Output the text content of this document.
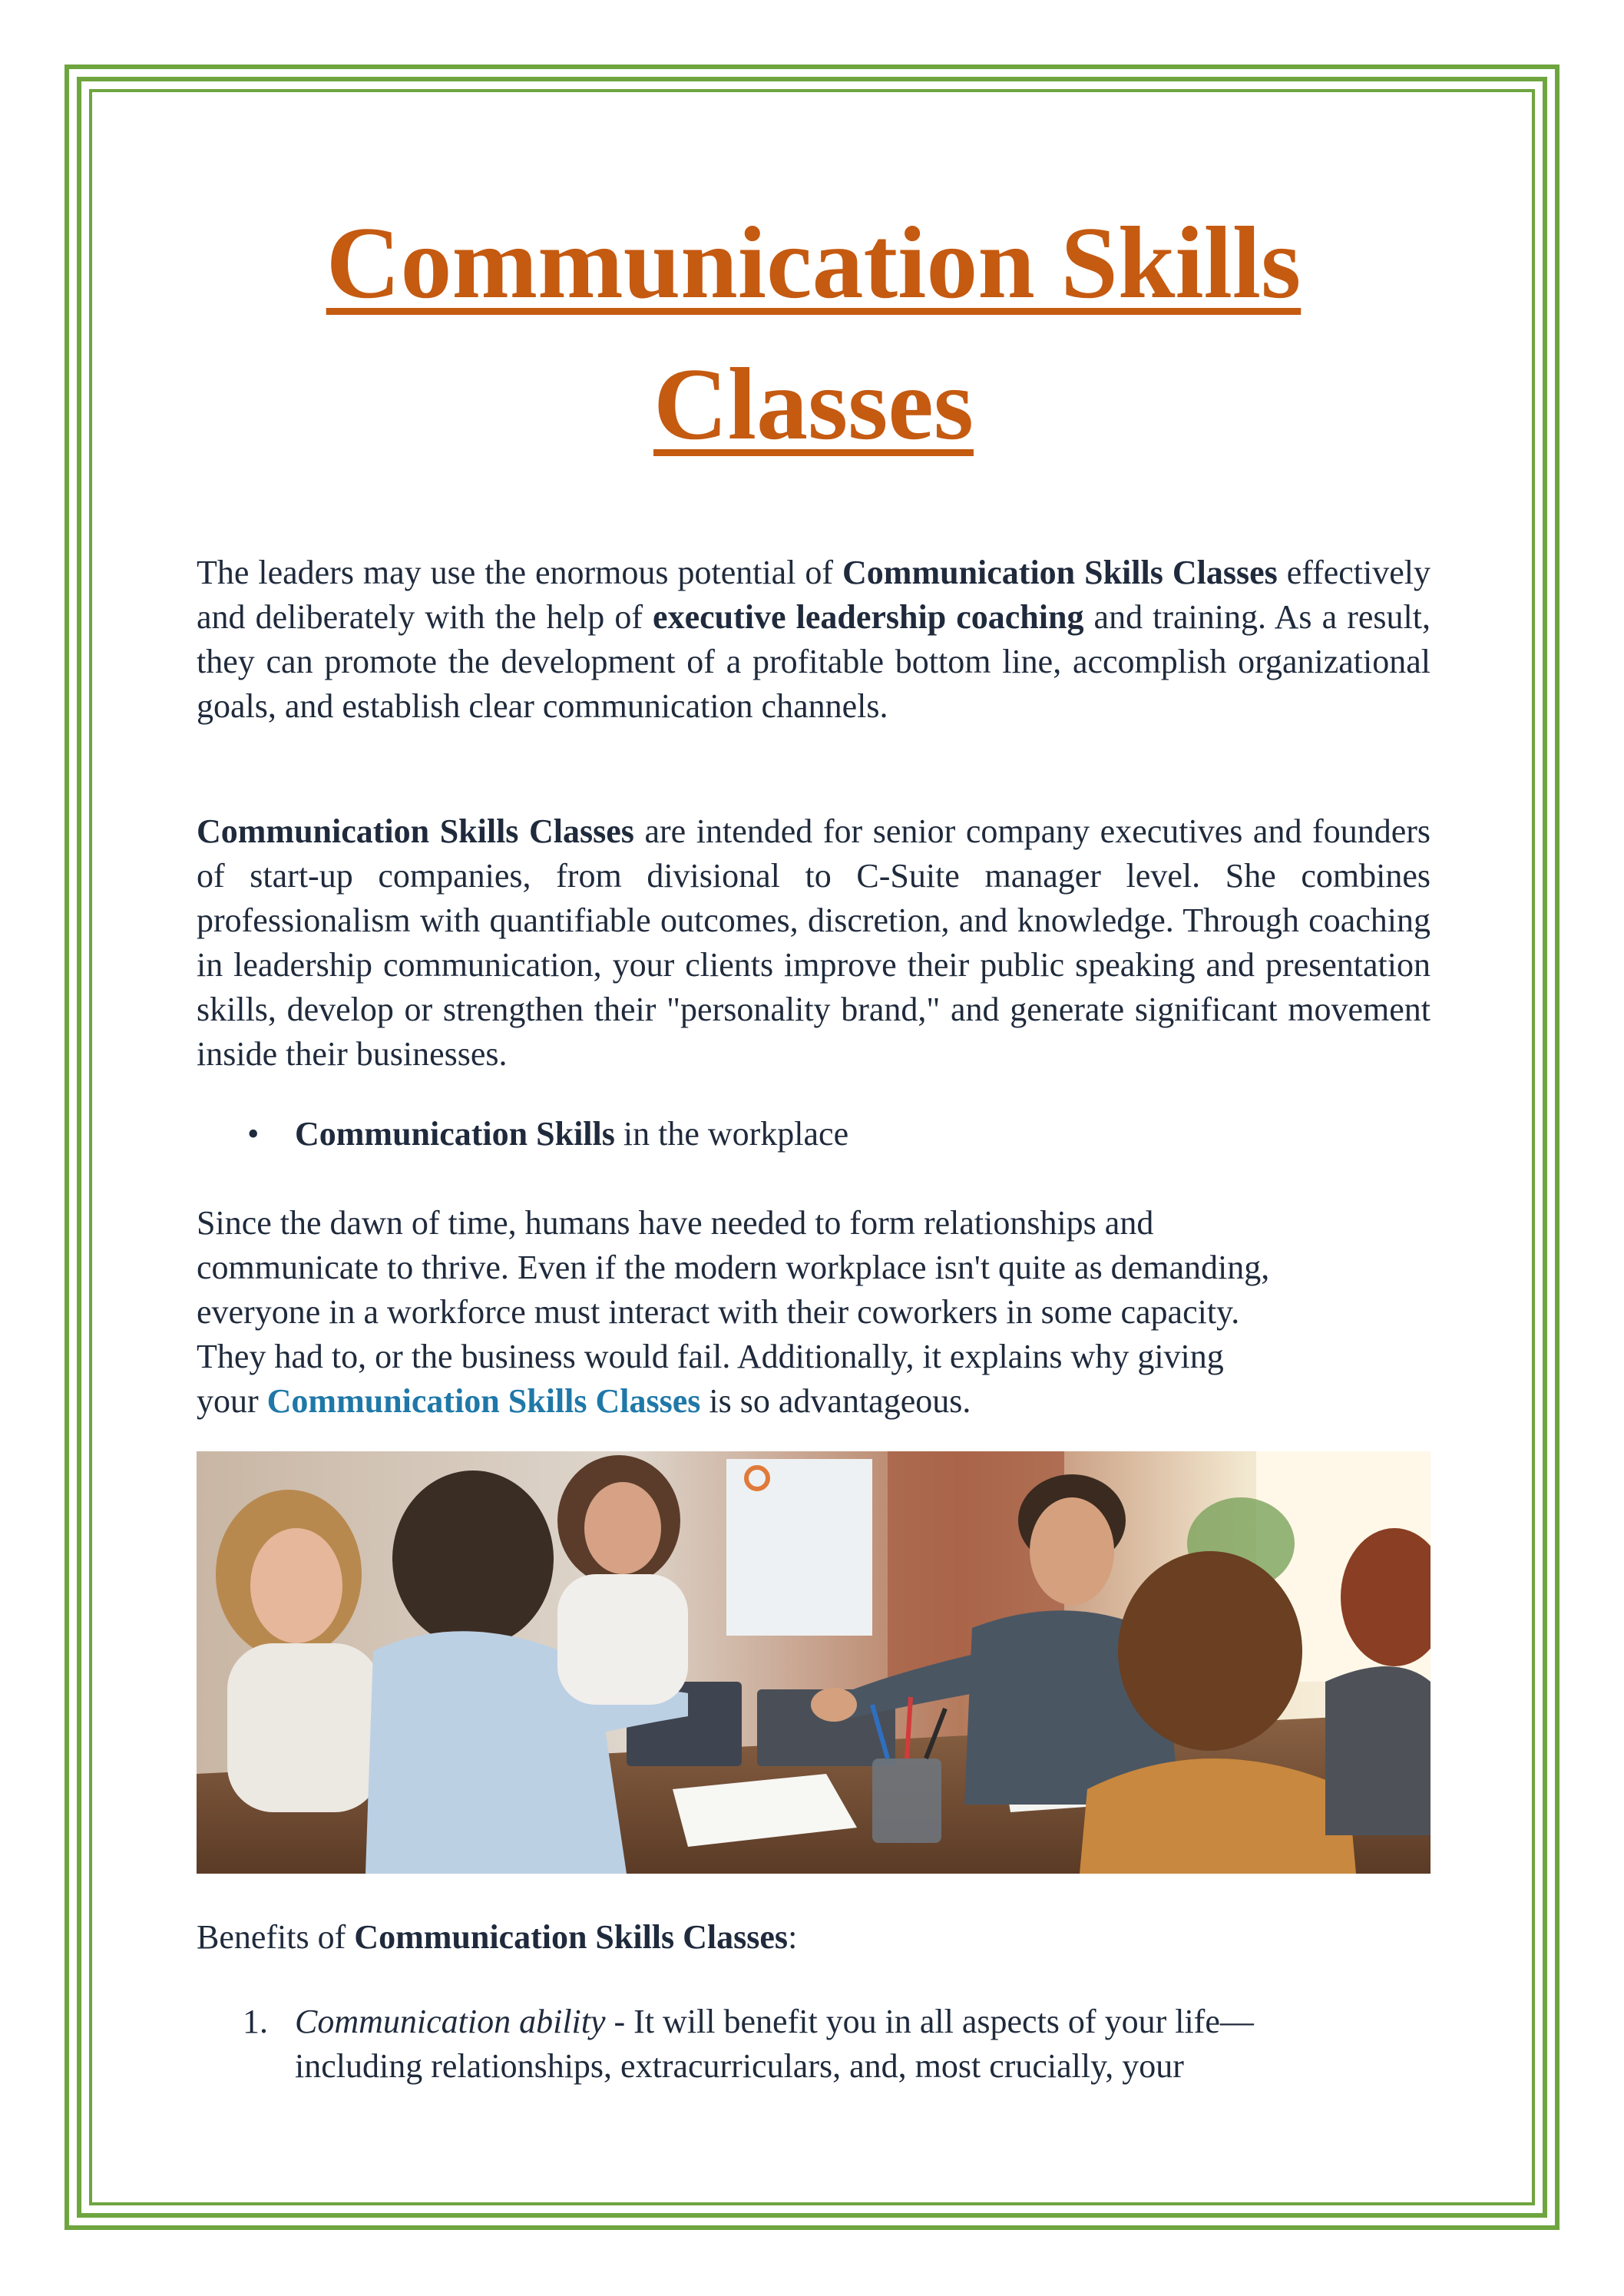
Communication Skills Classes

The leaders may use the enormous potential of Communication Skills Classes effectively and deliberately with the help of executive leadership coaching and training. As a result, they can promote the development of a profitable bottom line, accomplish organizational goals, and establish clear communication channels.

Communication Skills Classes are intended for senior company executives and founders of start-up companies, from divisional to C-Suite manager level. She combines professionalism with quantifiable outcomes, discretion, and knowledge. Through coaching in leadership communication, your clients improve their public speaking and presentation skills, develop or strengthen their "personality brand," and generate significant movement inside their businesses.

• Communication Skills in the workplace
Since the dawn of time, humans have needed to form relationships and
communicate to thrive. Even if the modern workplace isn't quite as demanding,
everyone in a workforce must interact with their coworkers in some capacity.
They had to, or the business would fail. Additionally, it explains why giving
your Communication Skills Classes is so advantageous.

Benefits of Communication Skills Classes:

1. Communication ability - It will benefit you in all aspects of your life—
including relationships, extracurriculars, and, most crucially, your
